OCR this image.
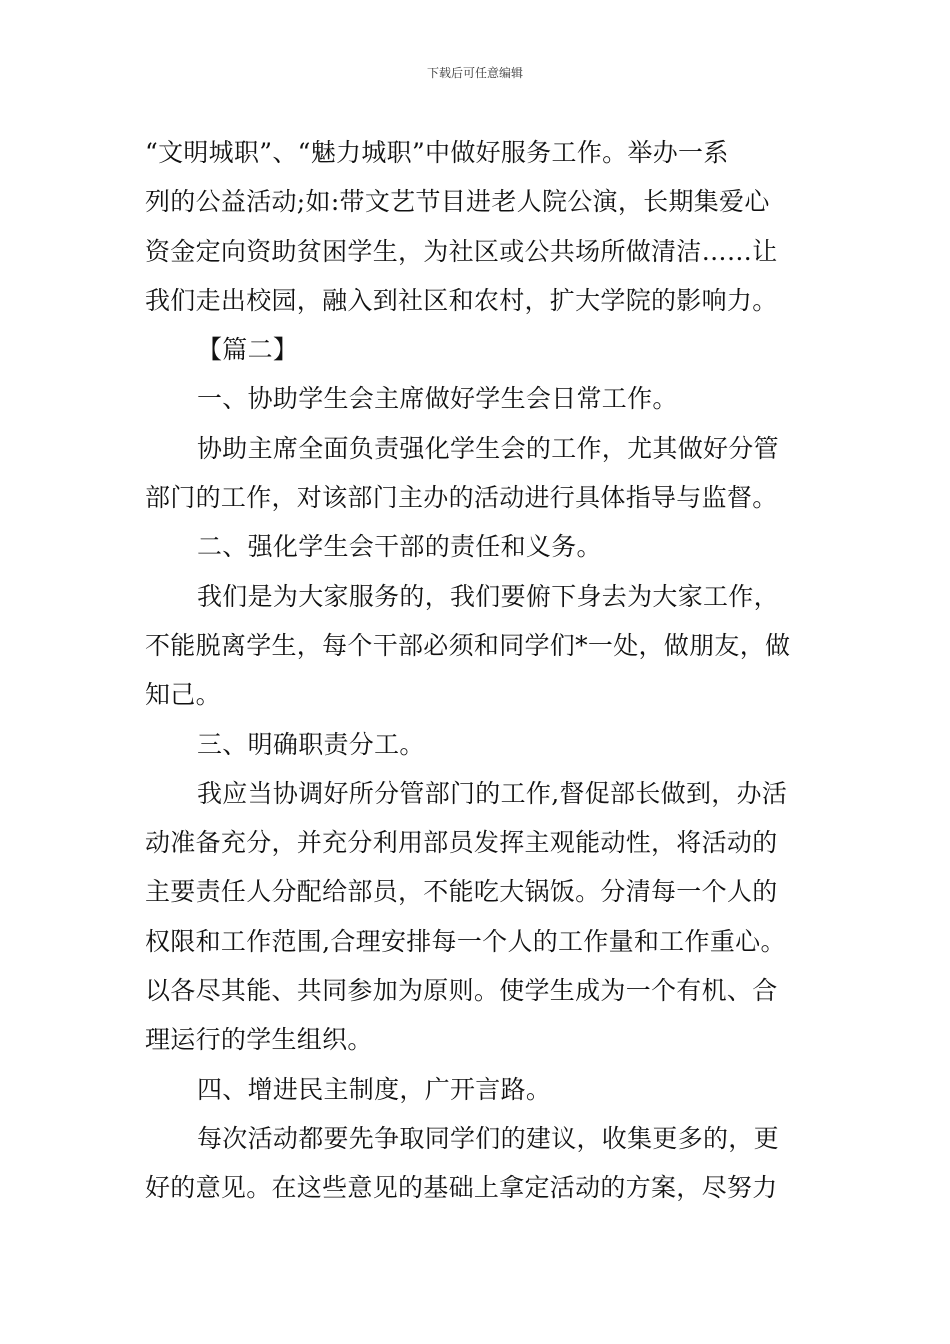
下载后可任意编辑
“文明城职”、“魅力城职”中做好服务工作。举办一系
列的公益活动;如:带文艺节目进老人院公演，长期集爱心
资金定向资助贫困学生，为社区或公共场所做清洁……让
我们走出校园，融入到社区和农村，扩大学院的影响力。
【篇二】
一、协助学生会主席做好学生会日常工作。
协助主席全面负责强化学生会的工作，尤其做好分管
部门的工作，对该部门主办的活动进行具体指导与监督。
二、强化学生会干部的责任和义务。
我们是为大家服务的，我们要俯下身去为大家工作，
不能脱离学生，每个干部必须和同学们*一处，做朋友，做
知己。
三、明确职责分工。
我应当协调好所分管部门的工作,督促部长做到，办活
动准备充分，并充分利用部员发挥主观能动性，将活动的
主要责任人分配给部员，不能吃大锅饭。分清每一个人的
权限和工作范围,合理安排每一个人的工作量和工作重心。
以各尽其能、共同参加为原则。使学生成为一个有机、合
理运行的学生组织。
四、增进民主制度，广开言路。
每次活动都要先争取同学们的建议，收集更多的，更
好的意见。在这些意见的基础上拿定活动的方案，尽努力
